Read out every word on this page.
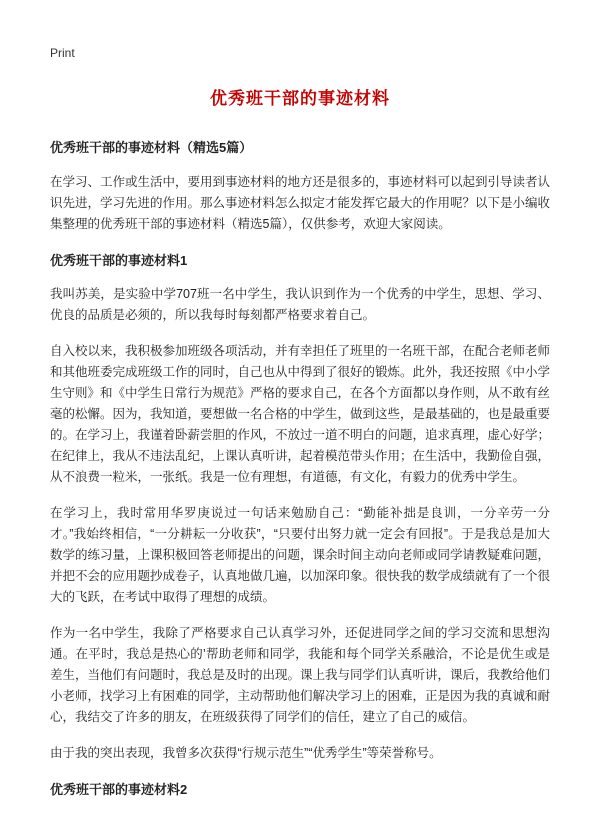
Print
优秀班干部的事迹材料
优秀班干部的事迹材料（精选5篇）

在学习、工作或生活中，要用到事迹材料的地方还是很多的，事迹材料可以起到引导读者认识先进，学习先进的作用。那么事迹材料怎么拟定才能发挥它最大的作用呢？以下是小编收集整理的优秀班干部的事迹材料（精选5篇），仅供参考，欢迎大家阅读。

优秀班干部的事迹材料1

我叫苏美，是实验中学707班一名中学生，我认识到作为一个优秀的中学生，思想、学习、优良的品质是必须的，所以我每时每刻都严格要求着自己。

自入校以来，我积极参加班级各项活动，并有幸担任了班里的一名班干部，在配合老师老师和其他班委完成班级工作的同时，自己也从中得到了很好的锻炼。此外，我还按照《中小学生守则》和《中学生日常行为规范》严格的要求自己，在各个方面都以身作则，从不敢有丝毫的松懈。因为，我知道，要想做一名合格的中学生，做到这些，是最基础的，也是最重要的。在学习上，我谨着卧薪尝胆的作风，不放过一道不明白的问题，追求真理，虚心好学；在纪律上，我从不违法乱纪，上课认真听讲，起着模范带头作用；在生活中，我勤俭自强，从不浪费一粒米，一张纸。我是一位有理想，有道德，有文化，有毅力的优秀中学生。

在学习上，我时常用华罗庚说过一句话来勉励自己：“勤能补拙是良训，一分辛劳一分才。”我始终相信，“一分耕耘一分收获”，“只要付出努力就一定会有回报”。于是我总是加大数学的练习量，上课积极回答老师提出的问题，课余时间主动向老师或同学请教疑难问题，并把不会的应用题抄成卷子，认真地做几遍，以加深印象。很快我的数学成绩就有了一个很大的飞跃，在考试中取得了理想的成绩。

作为一名中学生，我除了严格要求自己认真学习外，还促进同学之间的学习交流和思想沟通。在平时，我总是热心的’帮助老师和同学，我能和每个同学关系融洽，不论是优生或是差生，当他们有问题时，我总是及时的出现。课上我与同学们认真听讲，课后，我教给他们小老师，找学习上有困难的同学，主动帮助他们解决学习上的困难，正是因为我的真诚和耐心，我结交了许多的朋友，在班级获得了同学们的信任，建立了自己的威信。

由于我的突出表现，我曾多次获得“行规示范生”“优秀学生”等荣誉称号。

优秀班干部的事迹材料2
